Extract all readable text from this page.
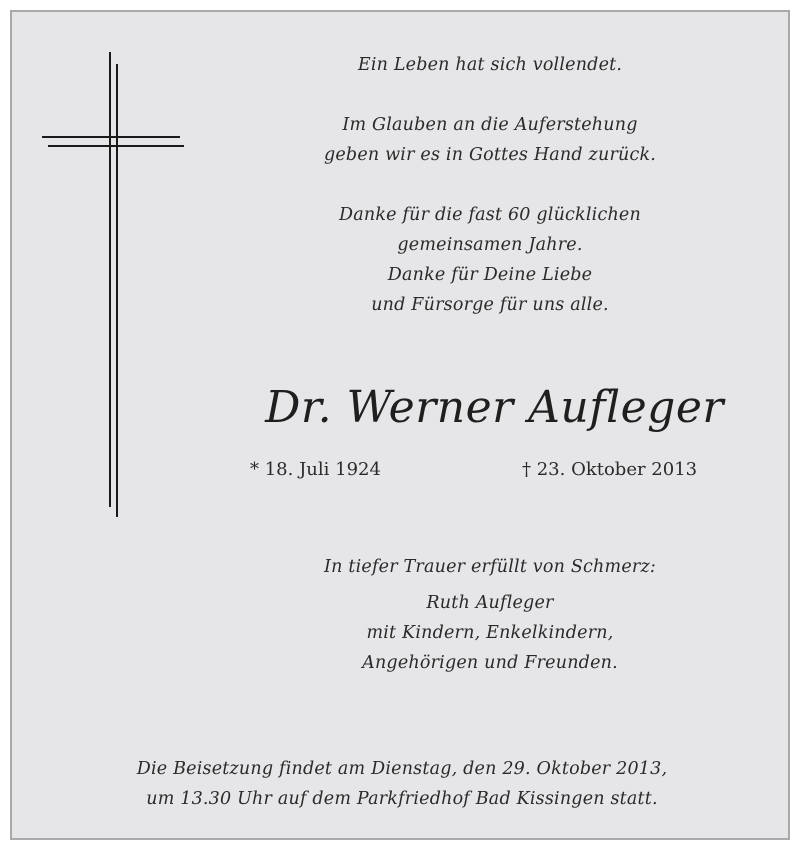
Ein Leben hat sich vollendet.
Im Glauben an die Auferstehung
geben wir es in Gottes Hand zurück.
Danke für die fast 60 glücklichen
gemeinsamen Jahre.
Danke für Deine Liebe
und Fürsorge für uns alle.
Dr. Werner Aufleger
* 18. Juli 1924	† 23. Oktober 2013
In tiefer Trauer erfüllt von Schmerz:
Ruth Aufleger
mit Kindern, Enkelkindern,
Angehörigen und Freunden.
Die Beisetzung findet am Dienstag, den 29. Oktober 2013,
um 13.30 Uhr auf dem Parkfriedhof Bad Kissingen statt.
